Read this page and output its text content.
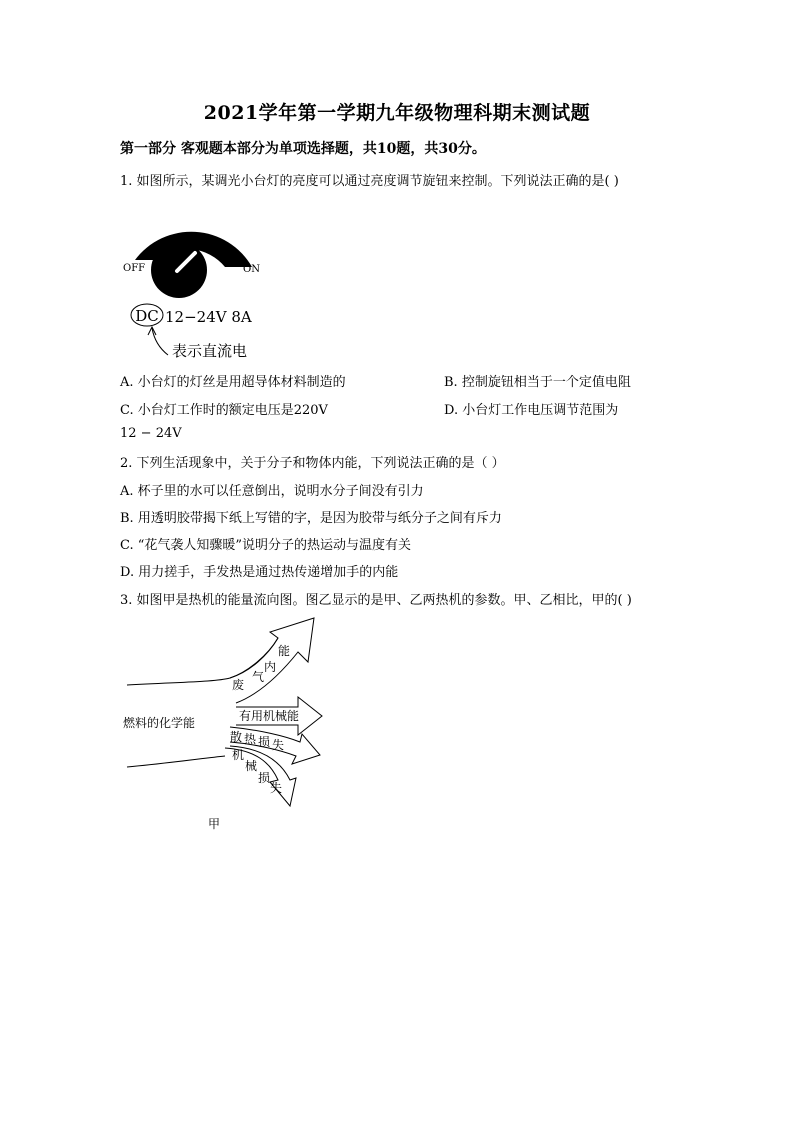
2021学年第一学期九年级物理科期末测试题
第一部分 客观题本部分为单项选择题，共10题，共30分。
1. 如图所示，某调光小台灯的亮度可以通过亮度调节旋钮来控制。下列说法正确的是( )
OFF	ON
DC 12−24V 8A
表示直流电
A. 小台灯的灯丝是用超导体材料制造的	B. 控制旋钮相当于一个定值电阻
C. 小台灯工作时的额定电压是220V	D. 小台灯工作电压调节范围为
12 − 24V
2. 下列生活现象中，关于分子和物体内能，下列说法正确的是（ ）
A. 杯子里的水可以任意倒出，说明水分子间没有引力
B. 用透明胶带揭下纸上写错的字，是因为胶带与纸分子之间有斥力
C. “花气袭人知骤暖”说明分子的热运动与温度有关
D. 用力搓手，手发热是通过热传递增加手的内能
3. 如图甲是热机的能量流向图。图乙显示的是甲、乙两热机的参数。甲、乙相比，甲的( )
废
气
内
能
有用机械能
燃料的化学能
散 热 损 失
机
械
损
失
甲
